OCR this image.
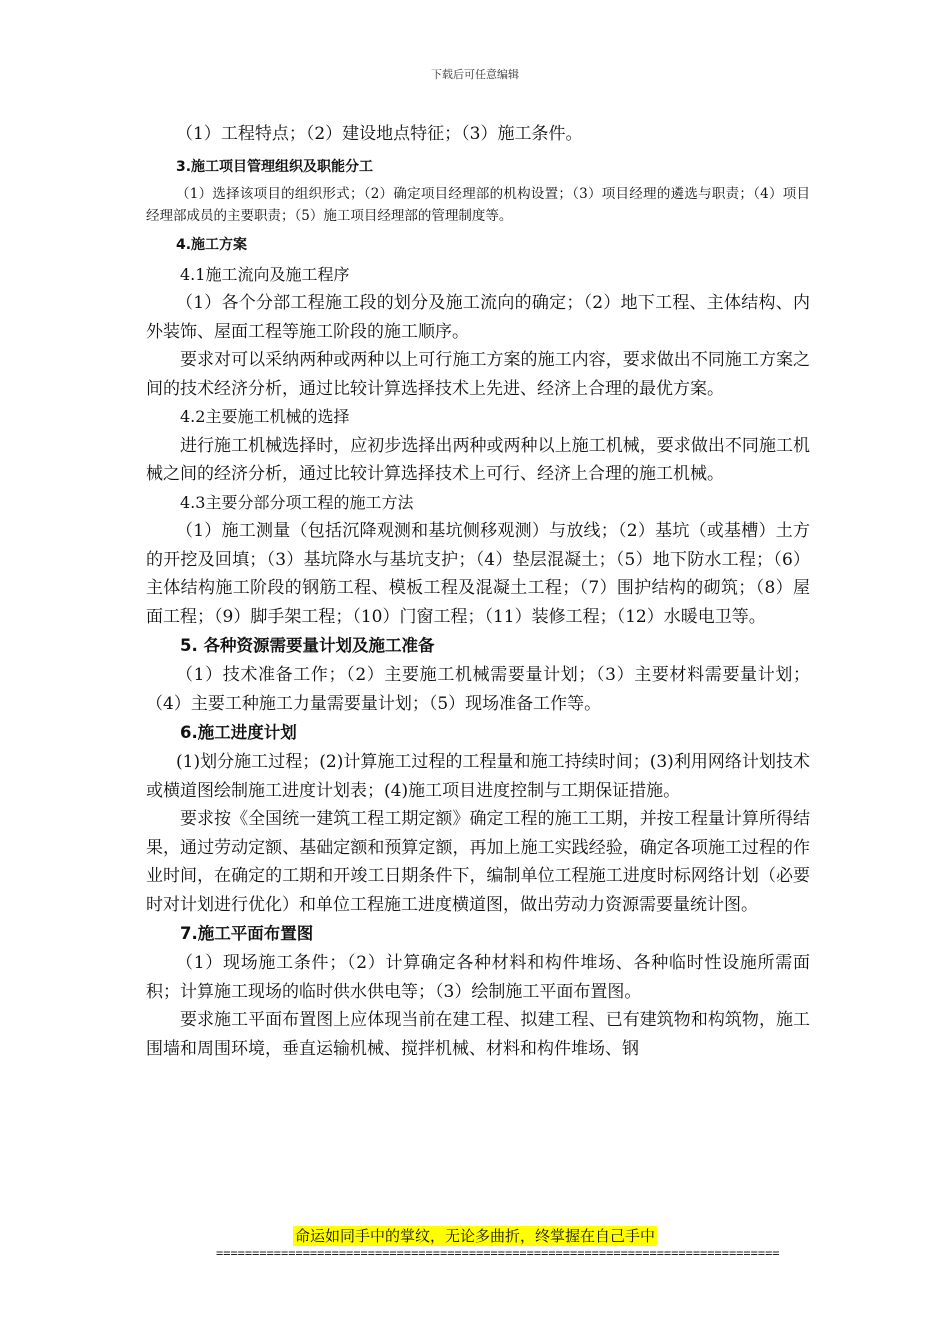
下载后可任意编辑

（1）工程特点；（2）建设地点特征；（3）施工条件。

3.施工项目管理组织及职能分工

（1）选择该项目的组织形式；（2）确定项目经理部的机构设置；（3）项目经理的遴选与职责；（4）项目经理部成员的主要职责；（5）施工项目经理部的管理制度等。

4.施工方案

4.1施工流向及施工程序

（1）各个分部工程施工段的划分及施工流向的确定；（2）地下工程、主体结构、内外装饰、屋面工程等施工阶段的施工顺序。

要求对可以采纳两种或两种以上可行施工方案的施工内容，要求做出不同施工方案之间的技术经济分析，通过比较计算选择技术上先进、经济上合理的最优方案。

4.2主要施工机械的选择

进行施工机械选择时，应初步选择出两种或两种以上施工机械，要求做出不同施工机械之间的经济分析，通过比较计算选择技术上可行、经济上合理的施工机械。

4.3主要分部分项工程的施工方法

（1）施工测量（包括沉降观测和基坑侧移观测）与放线；（2）基坑（或基槽）土方的开挖及回填；（3）基坑降水与基坑支护；（4）垫层混凝土；（5）地下防水工程；（6）主体结构施工阶段的钢筋工程、模板工程及混凝土工程；（7）围护结构的砌筑；（8）屋面工程；（9）脚手架工程；（10）门窗工程；（11）装修工程；（12）水暖电卫等。

5. 各种资源需要量计划及施工准备

（1）技术准备工作；（2）主要施工机械需要量计划；（3）主要材料需要量计划；（4）主要工种施工力量需要量计划；（5）现场准备工作等。

6.施工进度计划

(1)划分施工过程；(2)计算施工过程的工程量和施工持续时间；(3)利用网络计划技术或横道图绘制施工进度计划表；(4)施工项目进度控制与工期保证措施。

要求按《全国统一建筑工程工期定额》确定工程的施工工期，并按工程量计算所得结果，通过劳动定额、基础定额和预算定额，再加上施工实践经验，确定各项施工过程的作业时间，在确定的工期和开竣工日期条件下，编制单位工程施工进度时标网络计划（必要时对计划进行优化）和单位工程施工进度横道图，做出劳动力资源需要量统计图。

7.施工平面布置图

（1）现场施工条件；（2）计算确定各种材料和构件堆场、各种临时性设施所需面积；计算施工现场的临时供水供电等；（3）绘制施工平面布置图。

要求施工平面布置图上应体现当前在建工程、拟建工程、已有建筑物和构筑物，施工围墙和周围环境，垂直运输机械、搅拌机械、材料和构件堆场、钢

命运如同手中的掌纹，无论多曲折，终掌握在自己手中
==============================================================================
